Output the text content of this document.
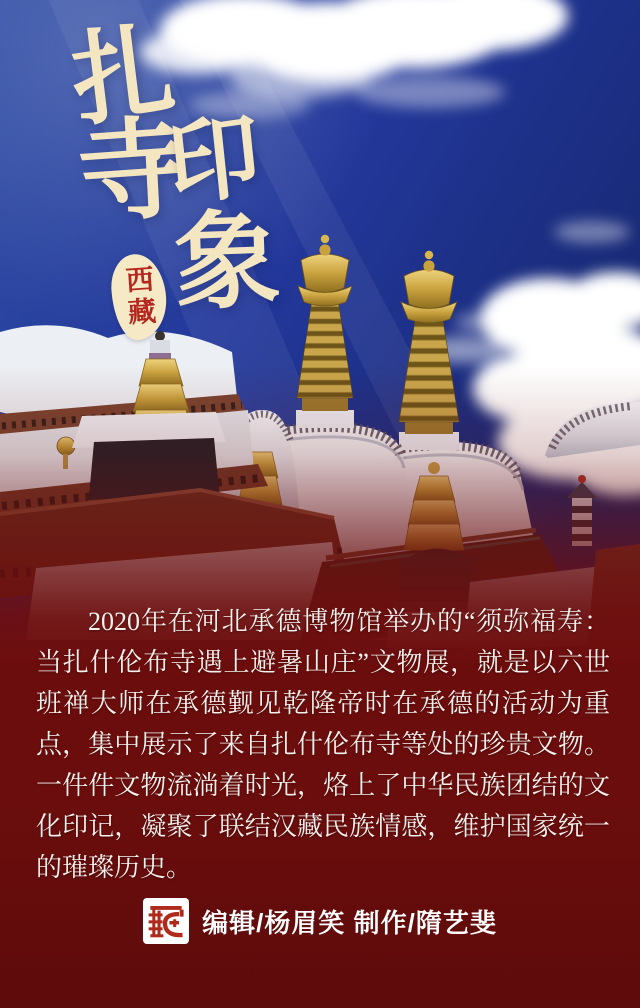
扎
寺
印
象
西藏

2020年在河北承德博物馆举办的“须弥福寿：当扎什伦布寺遇上避暑山庄”文物展，就是以六世班禅大师在承德觐见乾隆帝时在承德的活动为重点，集中展示了来自扎什伦布寺等处的珍贵文物。一件件文物流淌着时光，烙上了中华民族团结的文化印记，凝聚了联结汉藏民族情感，维护国家统一的璀璨历史。

编辑/杨眉笑 制作/隋艺斐
